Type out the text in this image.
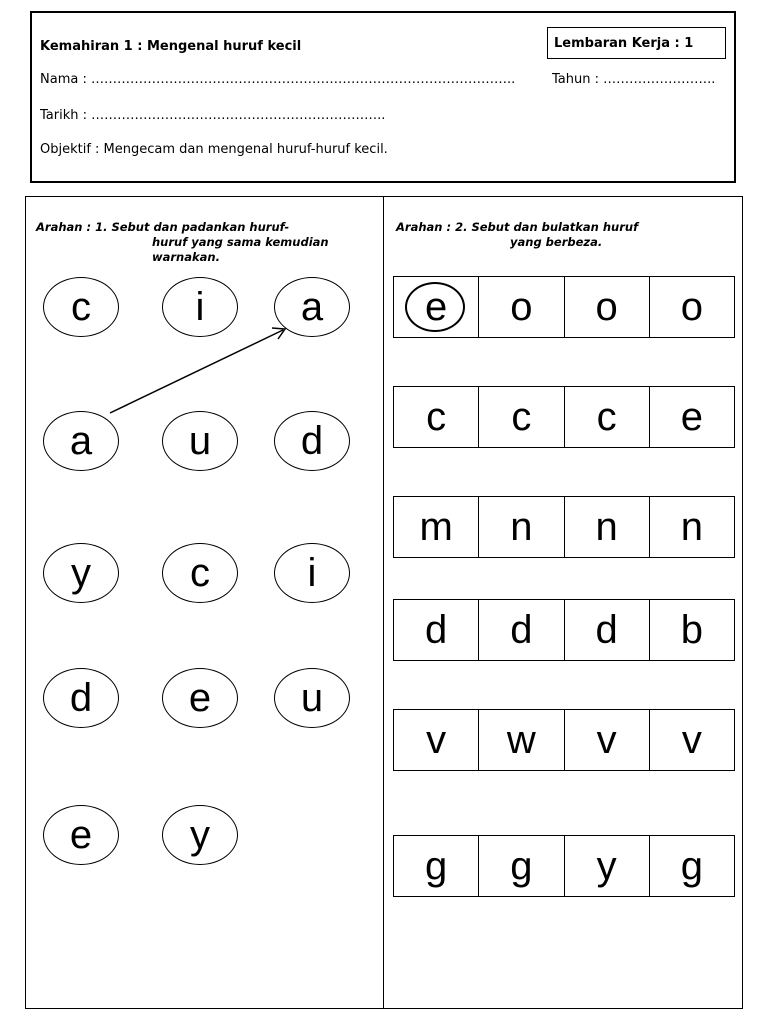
Kemahiran 1 : Mengenal huruf kecil	Lembaran Kerja : 1
Nama : ……………………………………………………………………………………..	Tahun : ……………………..
Tarikh : …………………………………………………………..
Objektif : Mengecam dan mengenal huruf-huruf kecil.
Arahan : 1. Sebut dan padankan huruf-
huruf yang sama kemudian
warnakan.
c	i	a
a	u	d
y	c	i
d	e	u
e	y
Arahan : 2. Sebut dan bulatkan huruf
yang berbeza.
e	o	o	o
c	c	c	e
m	n	n	n
d	d	d	b
v	w	v	v
g	g	y	g
